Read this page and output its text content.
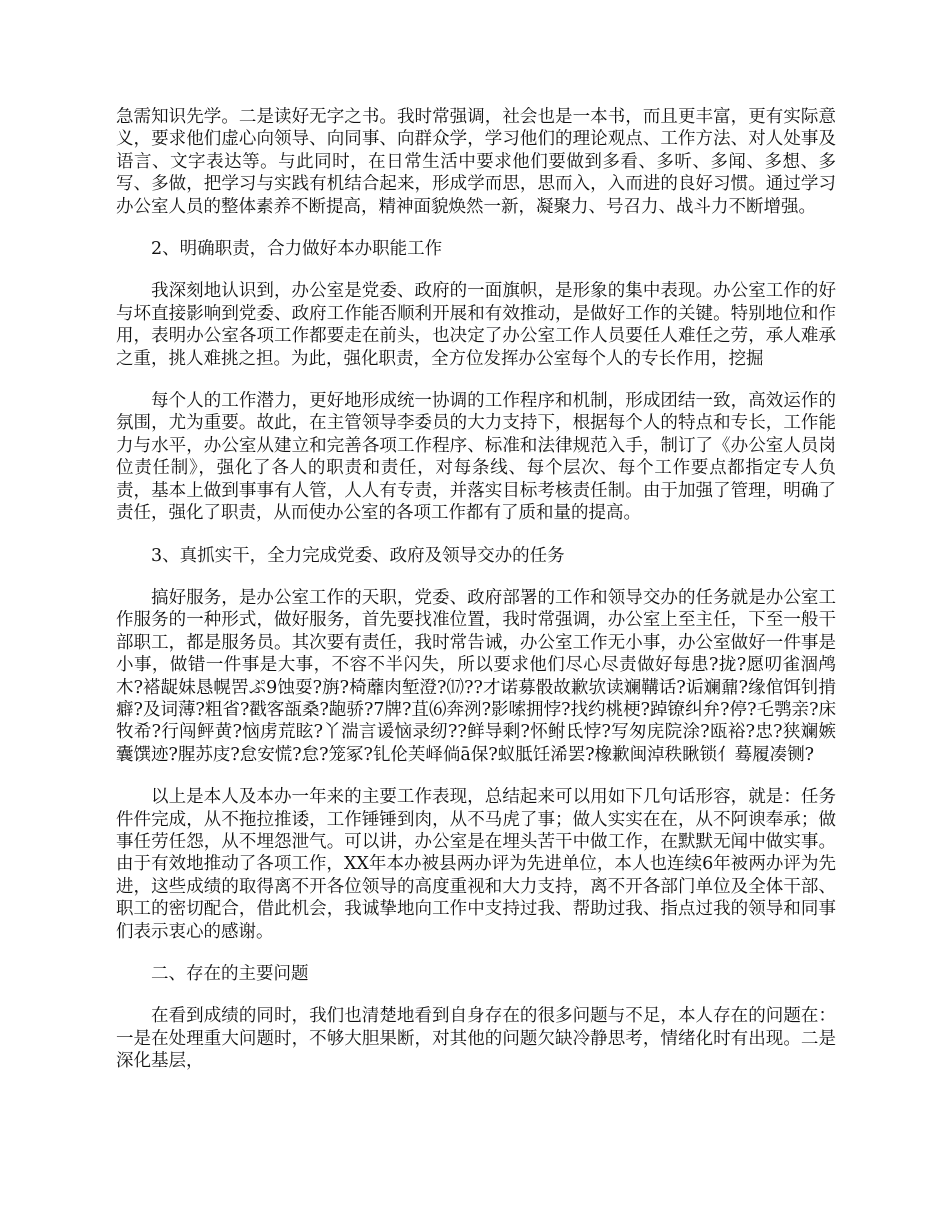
急需知识先学。二是读好无字之书。我时常强调，社会也是一本书，而且更丰富，更有实际意义，要求他们虚心向领导、向同事、向群众学，学习他们的理论观点、工作方法、对人处事及语言、文字表达等。与此同时，在日常生活中要求他们要做到多看、多听、多闻、多想、多写、多做，把学习与实践有机结合起来，形成学而思，思而入，入而进的良好习惯。通过学习办公室人员的整体素养不断提高，精神面貌焕然一新，凝聚力、号召力、战斗力不断增强。

2、明确职责，合力做好本办职能工作

我深刻地认识到，办公室是党委、政府的一面旗帜，是形象的集中表现。办公室工作的好与坏直接影响到党委、政府工作能否顺利开展和有效推动，是做好工作的关键。特别地位和作用，表明办公室各项工作都要走在前头，也决定了办公室工作人员要任人难任之劳，承人难承之重，挑人难挑之担。为此，强化职责，全方位发挥办公室每个人的专长作用，挖掘

每个人的工作潜力，更好地形成统一协调的工作程序和机制，形成团结一致，高效运作的氛围，尤为重要。故此，在主管领导李委员的大力支持下，根据每个人的特点和专长，工作能力与水平，办公室从建立和完善各项工作程序、标准和法律规范入手，制订了《办公室人员岗位责任制》，强化了各人的职责和责任，对每条线、每个层次、每个工作要点都指定专人负责，基本上做到事事有人管，人人有专责，并落实目标考核责任制。由于加强了管理，明确了责任，强化了职责，从而使办公室的各项工作都有了质和量的提高。

3、真抓实干，全力完成党委、政府及领导交办的任务

搞好服务，是办公室工作的天职，党委、政府部署的工作和领导交办的任务就是办公室工作服务的一种形式，做好服务，首先要找准位置，我时常强调，办公室上至主任，下至一般干部职工，都是服务员。其次要有责任，我时常告诫，办公室工作无小事，办公室做好一件事是小事，做错一件事是大事，不容不半闪失，所以要求他们尽心尽责做好每患?拢?愿叨雀涸鸬木?褡龊妹恳幌罟ぷ9蚀耍?旃?椅蘼肉堑澄?⒄??才诺募骰故歉欤读斓鞲话?诟斓鼐?缘倌饵钊掯癖?及词薄?粗省?戳客瓿桑?龅骄?7牌?苴⑹奔洌?影嗦拥悖?找约桃梗?踔镣纠弁?停?乇鹗亲?床牧希?行闯鲆黄?恼虏荒眩?丫湍言谖恼录纫??鲜导剩?怀鲋氐悖?写匆庑院涂?瓯裕?忠?狭斓嫉囊馔迹?腥苏庋?怠安慌?怠?笼冢?钆伦芙峄倘ā保?蚁胝饪浠罢?橡歉闽淖秩瞅锁亻蓦履凑铡?

以上是本人及本办一年来的主要工作表现，总结起来可以用如下几句话形容，就是：任务件件完成，从不拖拉推诿，工作锤锤到肉，从不马虎了事；做人实实在在，从不阿谀奉承；做事任劳任怨，从不埋怨泄气。可以讲，办公室是在埋头苦干中做工作，在默默无闻中做实事。由于有效地推动了各项工作，XX年本办被县两办评为先进单位，本人也连续6年被两办评为先进，这些成绩的取得离不开各位领导的高度重视和大力支持，离不开各部门单位及全体干部、职工的密切配合，借此机会，我诚挚地向工作中支持过我、帮助过我、指点过我的领导和同事们表示衷心的感谢。

二、存在的主要问题

在看到成绩的同时，我们也清楚地看到自身存在的很多问题与不足，本人存在的问题在：一是在处理重大问题时，不够大胆果断，对其他的问题欠缺冷静思考，情绪化时有出现。二是深化基层，
